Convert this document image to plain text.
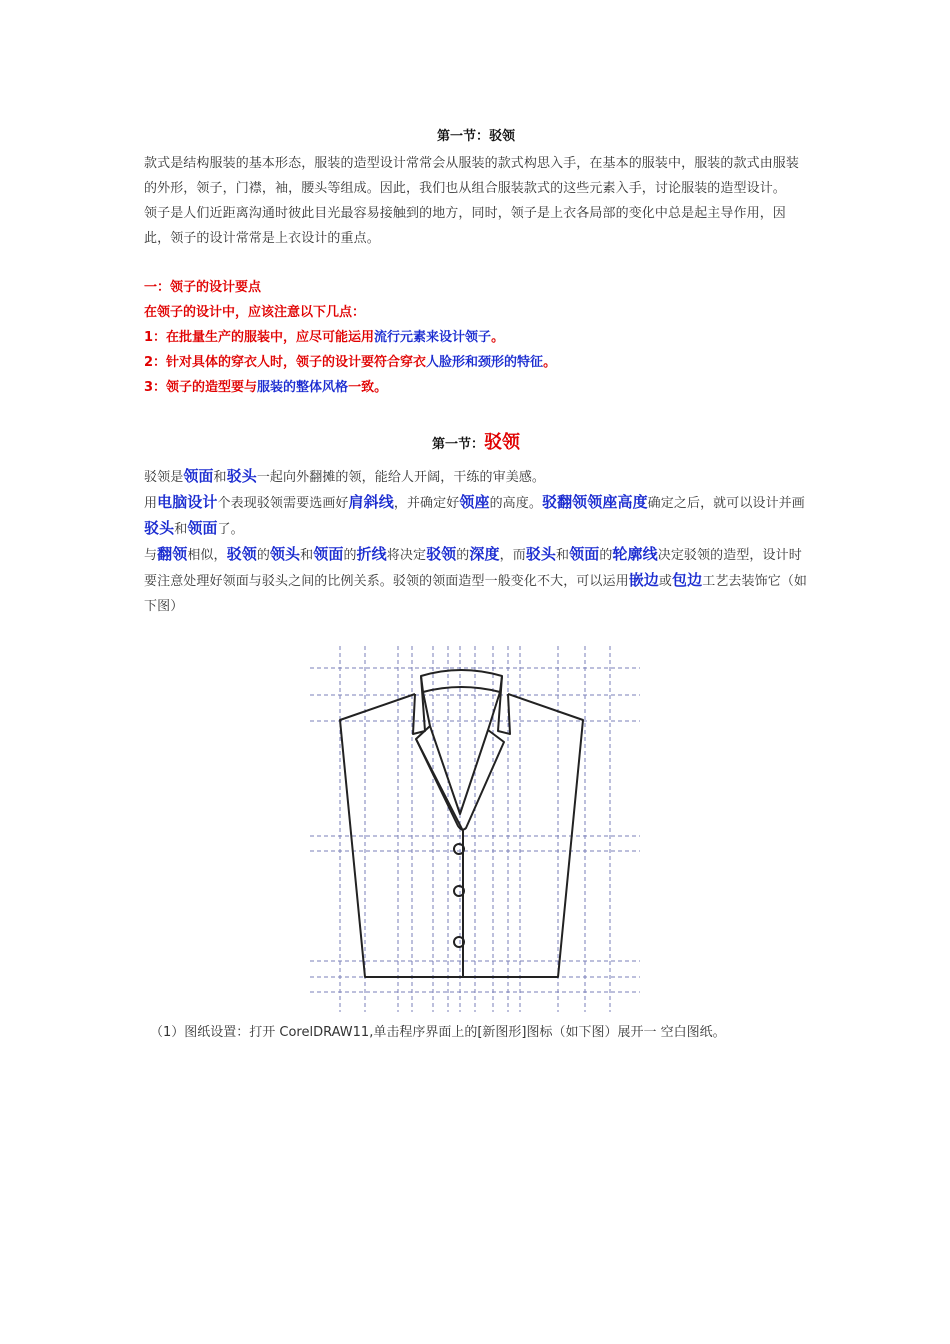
第一节：驳领

款式是结构服装的基本形态，服装的造型设计常常会从服装的款式构思入手，在基本的服装中，服装的款式由服装的外形，领子，门襟，袖，腰头等组成。因此，我们也从组合服装款式的这些元素入手，讨论服装的造型设计。

领子是人们近距离沟通时彼此目光最容易接触到的地方，同时，领子是上衣各局部的变化中总是起主导作用，因此，领子的设计常常是上衣设计的重点。

一：领子的设计要点

在领子的设计中，应该注意以下几点：

1：在批量生产的服装中，应尽可能运用流行元素来设计领子。

2：针对具体的穿衣人时，领子的设计要符合穿衣人脸形和颈形的特征。

3：领子的造型要与服装的整体风格一致。

第一节：驳领

驳领是领面和驳头一起向外翻摊的领，能给人开阔，干练的审美感。

用电脑设计个表现驳领需要选画好肩斜线，并确定好领座的高度。驳翻领领座高度确定之后，就可以设计并画驳头和领面了。

与翻领相似，驳领的领头和领面的折线将决定驳领的深度，而驳头和领面的轮廓线决定驳领的造型，设计时要注意处理好领面与驳头之间的比例关系。驳领的领面造型一般变化不大，可以运用嵌边或包边工艺去装饰它（如下图）

（1）图纸设置：打开 CorelDRAW11,单击程序界面上的[新图形]图标（如下图）展开一 空白图纸。
